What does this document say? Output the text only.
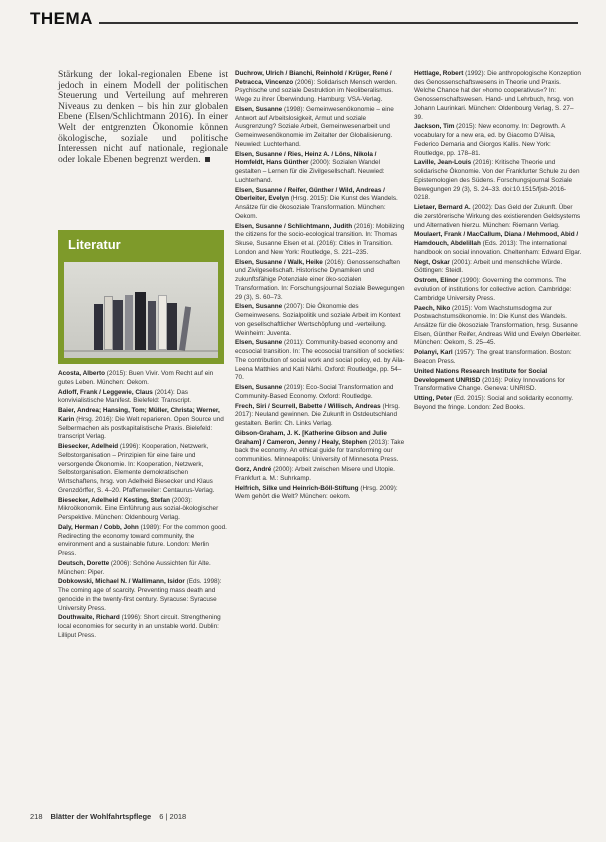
THEMA
Stärkung der lokal-regionalen Ebene ist jedoch in einem Modell der politischen Steuerung und Verteilung auf mehreren Niveaus zu denken – bis hin zur globalen Ebene (Elsen/Schlichtmann 2016). In einer Welt der entgrenzten Ökonomie können ökologische, soziale und politische Interessen nicht auf nationale, regionale oder lokale Ebenen begrenzt werden.
Literatur

Acosta, Alberto (2015): Buen Vivir. Vom Recht auf ein gutes Leben. München: Oekom.

Adloff, Frank / Leggewie, Claus (2014): Das konvivialistische Manifest. Bielefeld: Transcript.

Baier, Andrea; Hansing, Tom; Müller, Christa; Werner, Karin (Hrsg. 2016): Die Welt reparieren. Open Source und Selbermachen als postkapitalistische Praxis. Bielefeld: transcript Verlag.

Biesecker, Adelheid (1996): Kooperation, Netzwerk, Selbstorganisation – Prinzipien für eine faire und versorgende Ökonomie. In: Kooperation, Netzwerk, Selbstorganisation. Elemente demokratischen Wirtschaftens, hrsg. von Adelheid Biesecker und Klaus Grenzdörffer, S. 4–20. Pfaffenweiler: Centaurus-Verlag.

Biesecker, Adelheid / Kesting, Stefan (2003): Mikroökonomik. Eine Einführung aus sozial-ökologischer Perspektive. München: Oldenbourg Verlag.

Daly, Herman / Cobb, John (1989): For the common good. Redirecting the economy toward community, the environment and a sustainable future. London: Merlin Press.

Deutsch, Dorette (2006): Schöne Aussichten für Alte. München: Piper.

Dobkowski, Michael N. / Wallimann, Isidor (Eds. 1998): The coming age of scarcity. Preventing mass death and genocide in the twenty-first century. Syracuse: Syracuse University Press.

Douthwaite, Richard (1996): Short circuit. Strengthening local economies for security in an unstable world. Dublin: Lilliput Press.

Duchrow, Ulrich / Bianchi, Reinhold / Krüger, René / Petracca, Vincenzo (2006): Solidarisch Mensch werden. Psychische und soziale Destruktion im Neoliberalismus. Wege zu ihrer Überwindung. Hamburg: VSA-Verlag.

Elsen, Susanne (1998): Gemeinwesenökonomie – eine Antwort auf Arbeitslosigkeit, Armut und soziale Ausgrenzung? Soziale Arbeit, Gemeinwesenarbeit und Gemeinwesenökonomie im Zeitalter der Globalisierung. Neuwied: Luchterhand.

Elsen, Susanne / Ries, Heinz A. / Löns, Nikola / Homfeldt, Hans Günther (2000): Sozialen Wandel gestalten – Lernen für die Zivilgesellschaft. Neuwied: Luchterhand.

Elsen, Susanne / Reifer, Günther / Wild, Andreas / Oberleiter, Evelyn (Hrsg. 2015): Die Kunst des Wandels. Ansätze für die ökosoziale Transformation. München: Oekom.

Elsen, Susanne / Schlichtmann, Judith (2016): Mobilizing the citizens for the socio-ecological transition. In: Thomas Skuse, Susanne Elsen et al. (2016): Cities in Transition. London and New York: Routledge, S. 221–235.

Elsen, Susanne / Walk, Heike (2016): Genossenschaften und Zivilgesellschaft. Historische Dynamiken und zukunftsfähige Potenziale einer öko-sozialen Transformation. In: Forschungsjournal Soziale Bewegungen 29 (3), S. 60–73.

Elsen, Susanne (2007): Die Ökonomie des Gemeinwesens. Sozialpolitik und soziale Arbeit im Kontext von gesellschaftlicher Wertschöpfung und -verteilung. Weinheim: Juventa.

Elsen, Susanne (2011): Community-based economy and ecosocial transition. In: The ecosocial transition of societies: The contribution of social work and social policy, ed. by Aila-Leena Matthies and Kati Närhi. Oxford: Routledge, pp. 54–70.

Elsen, Susanne (2019): Eco-Social Transformation and Community-Based Economy. Oxford: Routledge.

Frech, Siri / Scurrell, Babette / Willisch, Andreas (Hrsg. 2017): Neuland gewinnen. Die Zukunft in Ostdeutschland gestalten. Berlin: Ch. Links Verlag.

Gibson-Graham, J. K. [Katherine Gibson and Julie Graham] / Cameron, Jenny / Healy, Stephen (2013): Take back the economy. An ethical guide for transforming our communities. Minneapolis: University of Minnesota Press.

Gorz, André (2000): Arbeit zwischen Misere und Utopie. Frankfurt a. M.: Suhrkamp.

Helfrich, Silke und Heinrich-Böll-Stiftung (Hrsg. 2009): Wem gehört die Welt? München: oekom.

Hettlage, Robert (1992): Die anthropologische Konzeption des Genossenschaftswesens in Theorie und Praxis. Welche Chance hat der »homo cooperativus«? In: Genossenschaftswesen. Hand- und Lehrbuch, hrsg. von Johann Laurinkari. München: Oldenbourg Verlag, S. 27–39.

Jackson, Tim (2015): New economy. In: Degrowth. A vocabulary for a new era, ed. by Giacomo D'Alisa, Federico Demaria and Giorgos Kallis. New York: Routledge, pp. 178–81.

Laville, Jean-Louis (2016): Kritische Theorie und solidarische Ökonomie. Von der Frankfurter Schule zu den Epistemologien des Südens. Forschungsjournal Soziale Bewegungen 29 (3), S. 24–33. doi:10.1515/fjsb-2016-0218.

Lietaer, Bernard A. (2002): Das Geld der Zukunft. Über die zerstörerische Wirkung des existierenden Geldsystems und Alternativen hierzu. München: Riemann Verlag.

Moulaert, Frank / MacCallum, Diana / Mehmood, Abid / Hamdouch, Abdelillah (Eds. 2013): The international handbook on social innovation. Cheltenham: Edward Elgar.

Negt, Oskar (2001): Arbeit und menschliche Würde. Göttingen: Steidl.

Ostrom, Elinor (1990): Governing the commons. The evolution of institutions for collective action. Cambridge: Cambridge University Press.

Paech, Niko (2015): Vom Wachstumsdogma zur Postwachstumsökonomie. In: Die Kunst des Wandels. Ansätze für die ökosoziale Transformation, hrsg. Susanne Elsen, Günther Reifer, Andreas Wild und Evelyn Oberleiter. München: Oekom, S. 25–45.

Polanyi, Karl (1957): The great transformation. Boston: Beacon Press.

United Nations Research Institute for Social Development UNRISD (2016): Policy Innovations for Transformative Change. Geneva: UNRISD.

Utting, Peter (Ed. 2015): Social and solidarity economy. Beyond the fringe. London: Zed Books.

218 Blätter der Wohlfahrtspflege 6 | 2018
